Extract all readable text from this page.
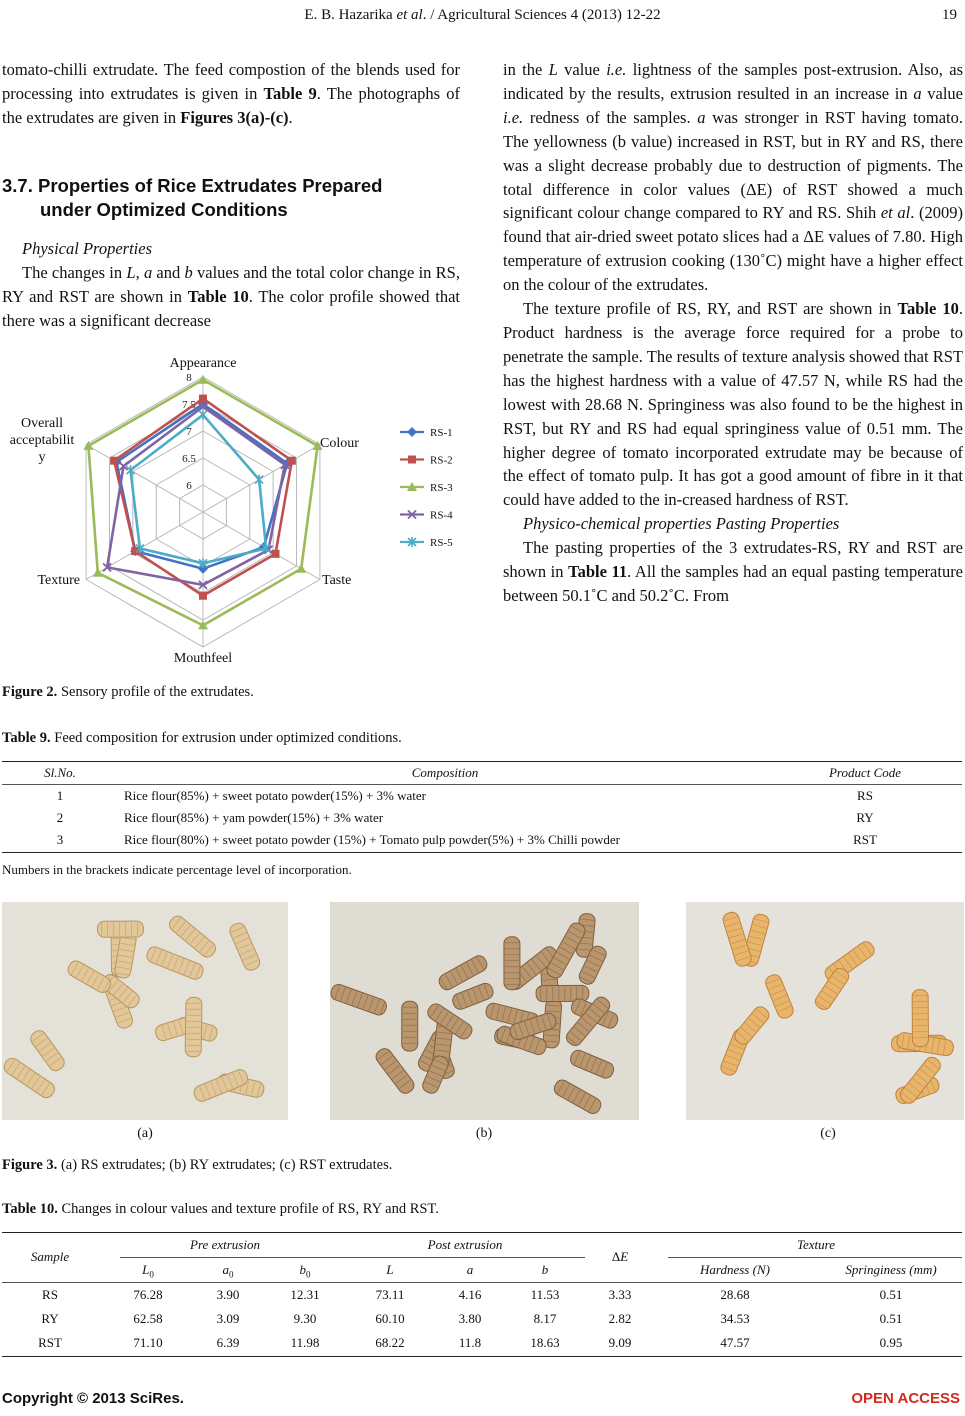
E. B. Hazarika et al. / Agricultural Sciences 4 (2013) 12-22	19

tomato-chilli extrudate. The feed compostion of the blends used for processing into extrudates is given in Table 9. The photographs of the extrudates are given in Figures 3(a)-(c).

3.7. Properties of Rice Extrudates Prepared
under Optimized Conditions

Physical Properties

The changes in L, a and b values and the total color change in RS, RY and RST are shown in Table 10. The color profile showed that there was a significant decrease

in the L value i.e. lightness of the samples post-extrusion. Also, as indicated by the results, extrusion resulted in an increase in a value i.e. redness of the samples. a was stronger in RST having tomato. The yellowness (b value) increased in RST, but in RY and RS, there was a slight decrease probably due to destruction of pigments. The total difference in color values (ΔE) of RST showed a much significant colour change compared to RY and RS. Shih et al. (2009) found that air-dried sweet potato slices had a ΔE values of 7.80. High temperature of extrusion cooking (130˚C) might have a higher effect on the colour of the extrudates.

The texture profile of RS, RY, and RST are shown in Table 10. Product hardness is the average force required for a probe to penetrate the sample. The results of texture analysis showed that RST has the highest hardness with a value of 47.57 N, while RS had the lowest with 28.68 N. Springiness was also found to be the highest in RST, but RY and RS had equal springiness value of 0.51 mm. The higher degree of tomato incorporated extrudate may be because of the effect of tomato pulp. It has got a good amount of fibre in it that could have added to the in-creased hardness of RST.

Physico-chemical properties Pasting Properties

The pasting properties of the 3 extrudates-RS, RY and RST are shown in Table 11. All the samples had an equal pasting temperature between 50.1˚C and 50.2˚C. From

6
6.5
7
7.5
8
Appearance
Colour
Taste
Mouthfeel
Texture
Overall
acceptabilit
y
RS-1
RS-2
RS-3
RS-4
RS-5
Figure 2. Sensory profile of the extrudates.
Table 9. Feed composition for extrusion under optimized conditions.
Sl.No.	Composition	Product Code
1	Rice flour(85%) + sweet potato powder(15%) + 3% water	RS
2	Rice flour(85%) + yam powder(15%) + 3% water	RY
3	Rice flour(80%) + sweet potato powder (15%) + Tomato pulp powder(5%) + 3% Chilli powder	RST
Numbers in the brackets indicate percentage level of incorporation.
(a)	(b)	(c)
Figure 3. (a) RS extrudates; (b) RY extrudates; (c) RST extrudates.
Table 10. Changes in colour values and texture profile of RS, RY and RST.
Sample
Pre extrusion	Post extrusion
ΔE
Texture
$L_0$	$a_0$	$b_0$	L	a	b	Hardness (N)	Springiness (mm)
RS	76.28	3.90	12.31	73.11	4.16	11.53	3.33	28.68	0.51
RY	62.58	3.09	9.30	60.10	3.80	8.17	2.82	34.53	0.51
RST	71.10	6.39	11.98	68.22	11.8	18.63	9.09	47.57	0.95
Copyright © 2013 SciRes.	OPEN ACCESS
